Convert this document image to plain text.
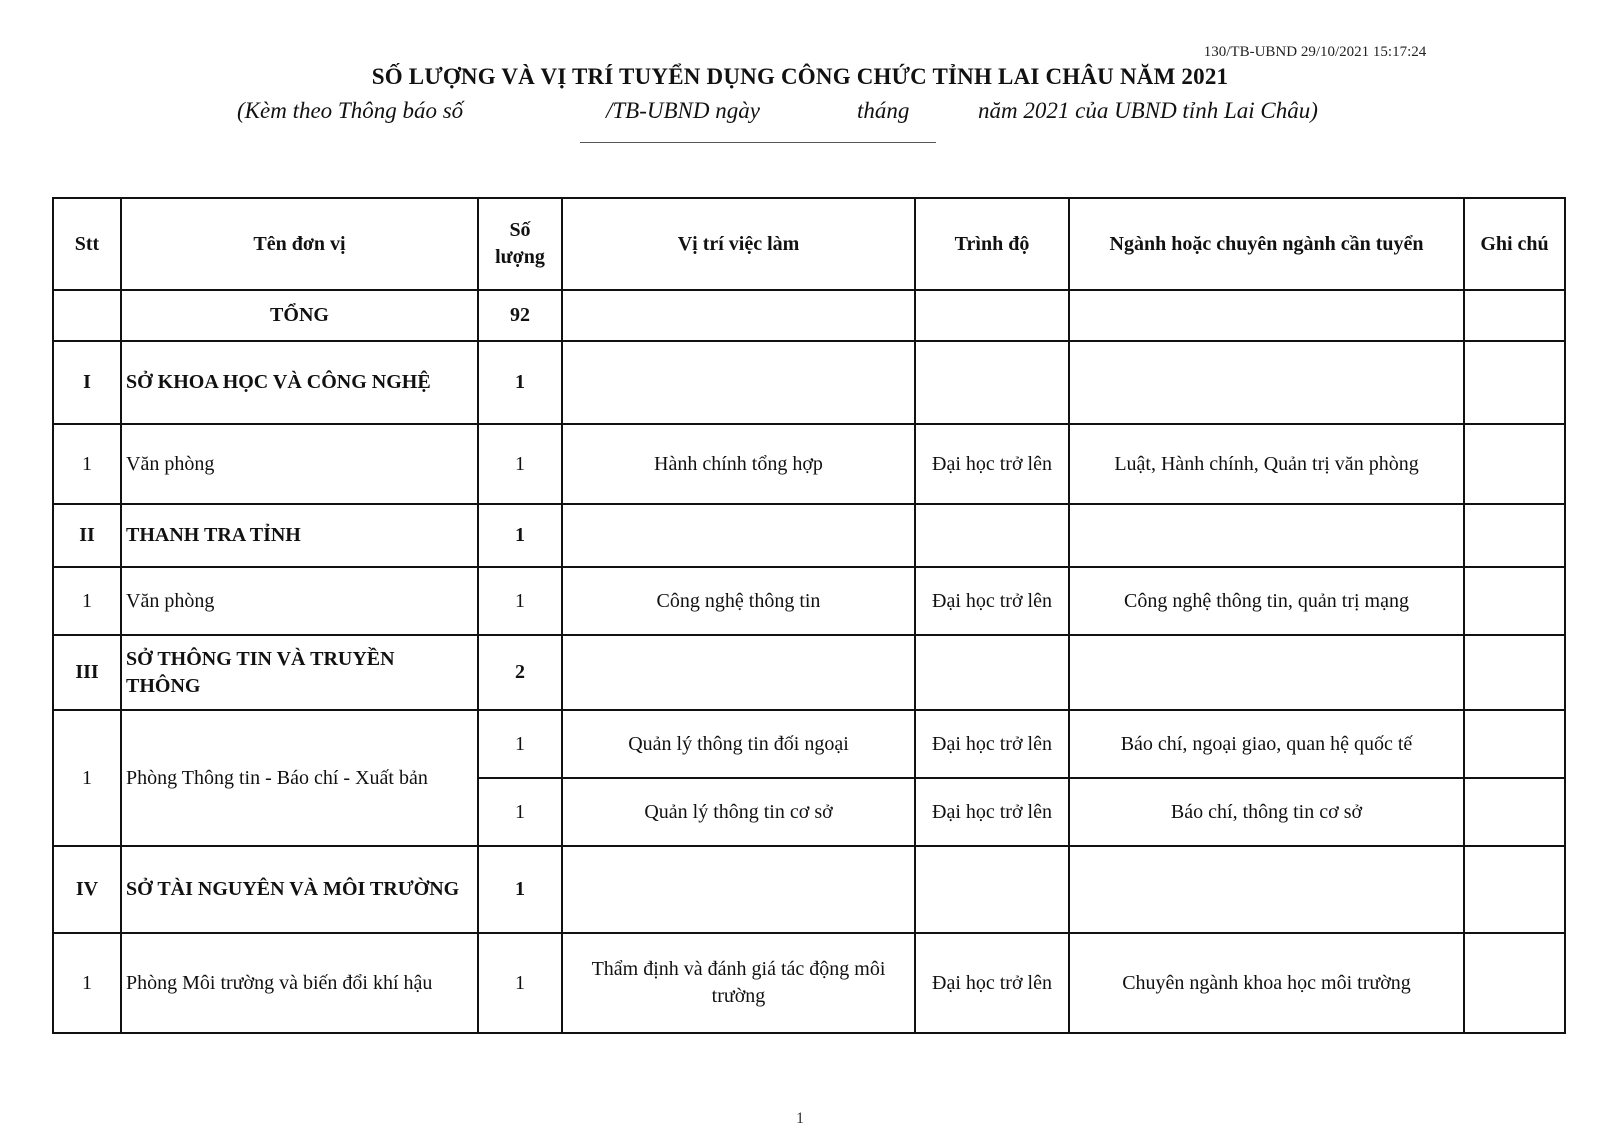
130/TB-UBND 29/10/2021 15:17:24
SỐ LƯỢNG VÀ VỊ TRÍ TUYỂN DỤNG CÔNG CHỨC TỈNH LAI CHÂU NĂM 2021
(Kèm theo Thông báo số	/TB-UBND ngày	tháng	năm 2021 của UBND tỉnh Lai Châu)
Stt	Tên đơn vị	Số lượng	Vị trí việc làm	Trình độ	Ngành hoặc chuyên ngành cần tuyển	Ghi chú
	TỔNG	92				
I	SỞ KHOA HỌC VÀ CÔNG NGHỆ	1				
1	Văn phòng	1	Hành chính tổng hợp	Đại học trở lên	Luật, Hành chính, Quản trị văn phòng	
II	THANH TRA TỈNH	1				
1	Văn phòng	1	Công nghệ thông tin	Đại học trở lên	Công nghệ thông tin, quản trị mạng	
III	SỞ THÔNG TIN VÀ TRUYỀN THÔNG	2				
1	Phòng Thông tin - Báo chí - Xuất bản	1	Quản lý thông tin đối ngoại	Đại học trở lên	Báo chí, ngoại giao, quan hệ quốc tế	
		1	Quản lý thông tin cơ sở	Đại học trở lên	Báo chí, thông tin cơ sở	
IV	SỞ TÀI NGUYÊN VÀ MÔI TRƯỜNG	1				
1	Phòng Môi trường và biến đổi khí hậu	1	Thẩm định và đánh giá tác động môi trường	Đại học trở lên	Chuyên ngành khoa học môi trường	
1
